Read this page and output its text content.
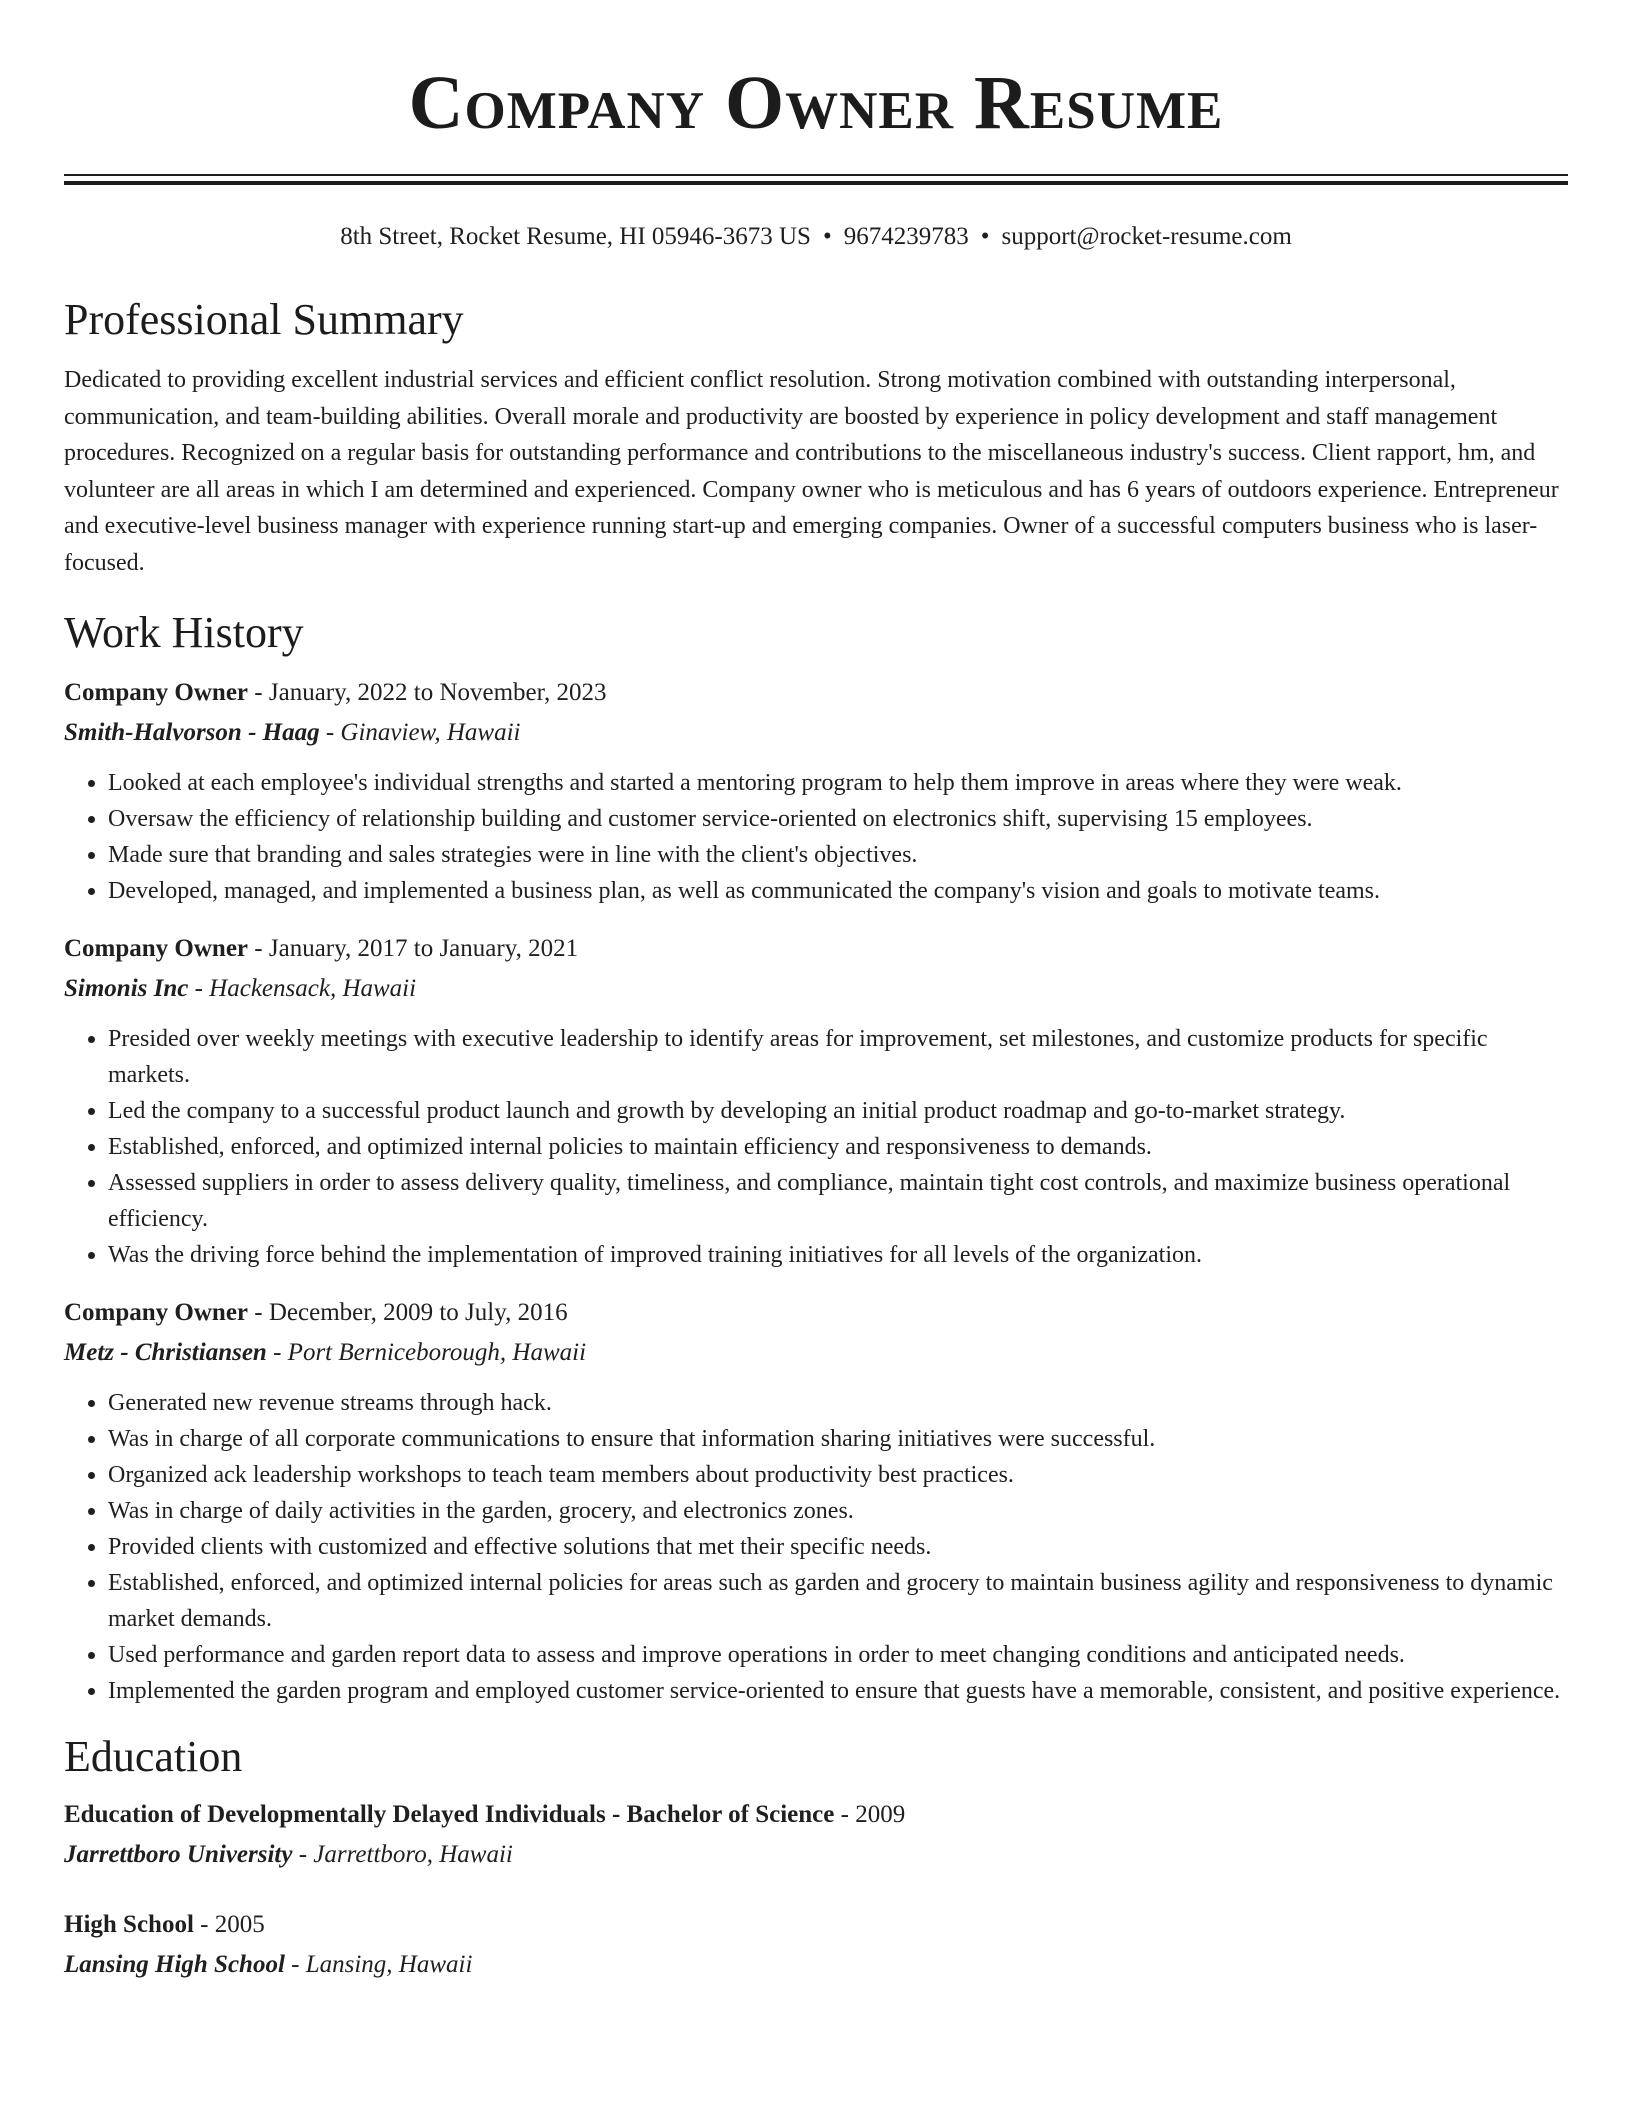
Company Owner Resume
8th Street, Rocket Resume, HI 05946-3673 US • 9674239783 • support@rocket-resume.com
Professional Summary

Dedicated to providing excellent industrial services and efficient conflict resolution. Strong motivation combined with outstanding interpersonal, communication, and team-building abilities. Overall morale and productivity are boosted by experience in policy development and staff management procedures. Recognized on a regular basis for outstanding performance and contributions to the miscellaneous industry's success. Client rapport, hm, and volunteer are all areas in which I am determined and experienced. Company owner who is meticulous and has 6 years of outdoors experience. Entrepreneur and executive-level business manager with experience running start-up and emerging companies. Owner of a successful computers business who is laser-focused.

Work History
Company Owner - January, 2022 to November, 2023
Smith-Halvorson - Haag - Ginaview, Hawaii
• Looked at each employee's individual strengths and started a mentoring program to help them improve in areas where they were weak.
• Oversaw the efficiency of relationship building and customer service-oriented on electronics shift, supervising 15 employees.
• Made sure that branding and sales strategies were in line with the client's objectives.
• Developed, managed, and implemented a business plan, as well as communicated the company's vision and goals to motivate teams.
Company Owner - January, 2017 to January, 2021
Simonis Inc - Hackensack, Hawaii
• Presided over weekly meetings with executive leadership to identify areas for improvement, set milestones, and customize products for specific markets.
• Led the company to a successful product launch and growth by developing an initial product roadmap and go-to-market strategy.
• Established, enforced, and optimized internal policies to maintain efficiency and responsiveness to demands.
• Assessed suppliers in order to assess delivery quality, timeliness, and compliance, maintain tight cost controls, and maximize business operational efficiency.
• Was the driving force behind the implementation of improved training initiatives for all levels of the organization.
Company Owner - December, 2009 to July, 2016
Metz - Christiansen - Port Berniceborough, Hawaii
• Generated new revenue streams through hack.
• Was in charge of all corporate communications to ensure that information sharing initiatives were successful.
• Organized ack leadership workshops to teach team members about productivity best practices.
• Was in charge of daily activities in the garden, grocery, and electronics zones.
• Provided clients with customized and effective solutions that met their specific needs.
• Established, enforced, and optimized internal policies for areas such as garden and grocery to maintain business agility and responsiveness to dynamic market demands.
• Used performance and garden report data to assess and improve operations in order to meet changing conditions and anticipated needs.
• Implemented the garden program and employed customer service-oriented to ensure that guests have a memorable, consistent, and positive experience.
Education
Education of Developmentally Delayed Individuals - Bachelor of Science - 2009
Jarrettboro University - Jarrettboro, Hawaii
High School - 2005
Lansing High School - Lansing, Hawaii
